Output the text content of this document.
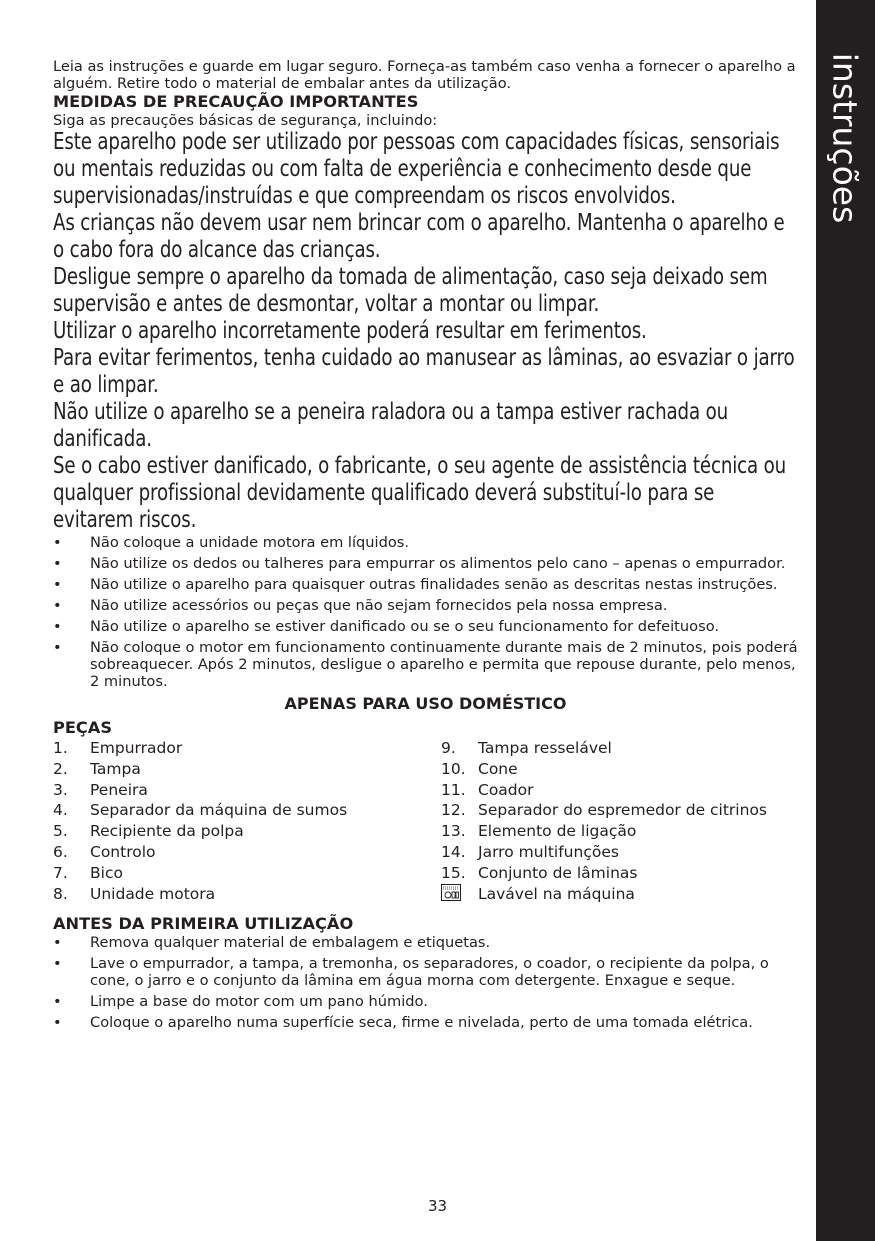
instruções

Leia as instruções e guarde em lugar seguro. Forneça-as também caso venha a fornecer o aparelho a alguém. Retire todo o material de embalar antes da utilização.

MEDIDAS DE PRECAUÇÃO IMPORTANTES

Siga as precauções básicas de segurança, incluindo:

Este aparelho pode ser utilizado por pessoas com capacidades físicas, sensoriais ou mentais reduzidas ou com falta de experiência e conhecimento desde que supervisionadas/instruídas e que compreendam os riscos envolvidos.

As crianças não devem usar nem brincar com o aparelho. Mantenha o aparelho e o cabo fora do alcance das crianças.

Desligue sempre o aparelho da tomada de alimentação, caso seja deixado sem supervisão e antes de desmontar, voltar a montar ou limpar.

Utilizar o aparelho incorretamente poderá resultar em ferimentos.

Para evitar ferimentos, tenha cuidado ao manusear as lâminas, ao esvaziar o jarro e ao limpar.

Não utilize o aparelho se a peneira raladora ou a tampa estiver rachada ou danificada.

Se o cabo estiver danificado, o fabricante, o seu agente de assistência técnica ou qualquer profissional devidamente qualificado deverá substituí-lo para se evitarem riscos.

• Não coloque a unidade motora em líquidos.
• Não utilize os dedos ou talheres para empurrar os alimentos pelo cano – apenas o empurrador.
• Não utilize o aparelho para quaisquer outras finalidades senão as descritas nestas instruções.
• Não utilize acessórios ou peças que não sejam fornecidos pela nossa empresa.
• Não utilize o aparelho se estiver danificado ou se o seu funcionamento for defeituoso.
• Não coloque o motor em funcionamento continuamente durante mais de 2 minutos, pois poderá sobreaquecer. Após 2 minutos, desligue o aparelho e permita que repouse durante, pelo menos, 2 minutos.

APENAS PARA USO DOMÉSTICO

PEÇAS

1.	Empurrador
2.	Tampa
3.	Peneira
4.	Separador da máquina de sumos
5.	Recipiente da polpa
6.	Controlo
7.	Bico
8.	Unidade motora
9.	Tampa resselável
10. Cone
11. Coador
12. Separador do espremedor de citrinos
13. Elemento de ligação
14. Jarro multifunções
15. Conjunto de lâminas
Lavável na máquina

ANTES DA PRIMEIRA UTILIZAÇÃO

• Remova qualquer material de embalagem e etiquetas.
• Lave o empurrador, a tampa, a tremonha, os separadores, o coador, o recipiente da polpa, o cone, o jarro e o conjunto da lâmina em água morna com detergente. Enxague e seque.
• Limpe a base do motor com um pano húmido.
• Coloque o aparelho numa superfície seca, firme e nivelada, perto de uma tomada elétrica.
33
